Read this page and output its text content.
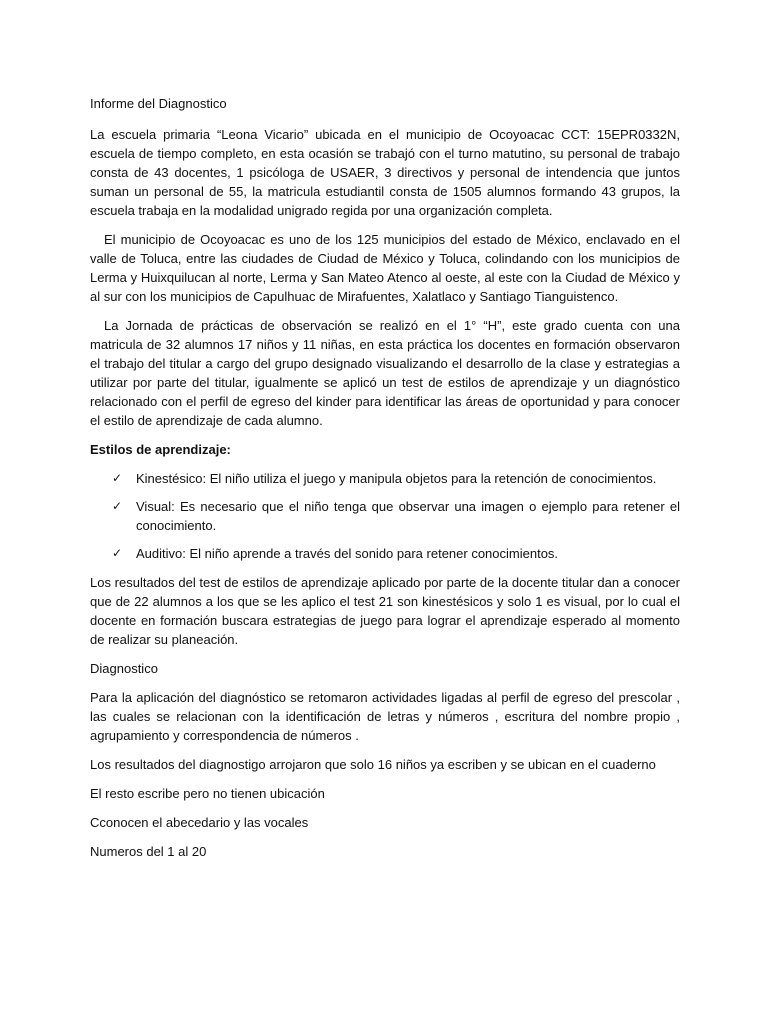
Informe del Diagnostico

La escuela primaria “Leona Vicario” ubicada en el municipio de Ocoyoacac CCT: 15EPR0332N, escuela de tiempo completo, en esta ocasión se trabajó con el turno matutino, su personal de trabajo consta de 43 docentes, 1 psicóloga de USAER, 3 directivos y personal de intendencia que juntos suman un personal de 55, la matricula estudiantil consta de 1505 alumnos formando 43 grupos, la escuela trabaja en la modalidad unigrado regida por una organización completa.

El municipio de Ocoyoacac es uno de los 125 municipios del estado de México, enclavado en el valle de Toluca, entre las ciudades de Ciudad de México y Toluca, colindando con los municipios de Lerma y Huixquilucan al norte, Lerma y San Mateo Atenco al oeste, al este con la Ciudad de México y al sur con los municipios de Capulhuac de Mirafuentes, Xalatlaco y Santiago Tianguistenco.

La Jornada de prácticas de observación se realizó en el 1° “H”, este grado cuenta con una matricula de 32 alumnos 17 niños y 11 niñas, en esta práctica los docentes en formación observaron el trabajo del titular a cargo del grupo designado visualizando el desarrollo de la clase y estrategias a utilizar por parte del titular, igualmente se aplicó un test de estilos de aprendizaje y un diagnóstico relacionado con el perfil de egreso del kinder para identificar las áreas de oportunidad y para conocer el estilo de aprendizaje de cada alumno.

Estilos de aprendizaje:

✓ Kinestésico: El niño utiliza el juego y manipula objetos para la retención de conocimientos.
✓ Visual: Es necesario que el niño tenga que observar una imagen o ejemplo para retener el conocimiento.
✓ Auditivo: El niño aprende a través del sonido para retener conocimientos.

Los resultados del test de estilos de aprendizaje aplicado por parte de la docente titular dan a conocer que de 22 alumnos a los que se les aplico el test 21 son kinestésicos y solo 1 es visual, por lo cual el docente en formación buscara estrategias de juego para lograr el aprendizaje esperado al momento de realizar su planeación.

Diagnostico

Para la aplicación del diagnóstico se retomaron actividades ligadas al perfil de egreso del prescolar , las cuales se relacionan con la identificación de letras y números , escritura del nombre propio , agrupamiento y correspondencia de números .

Los resultados del diagnostigo arrojaron que solo 16 niños ya escriben y se ubican en el cuaderno

El resto escribe pero no tienen ubicación

Cconocen el abecedario y las vocales

Numeros del 1 al 20
